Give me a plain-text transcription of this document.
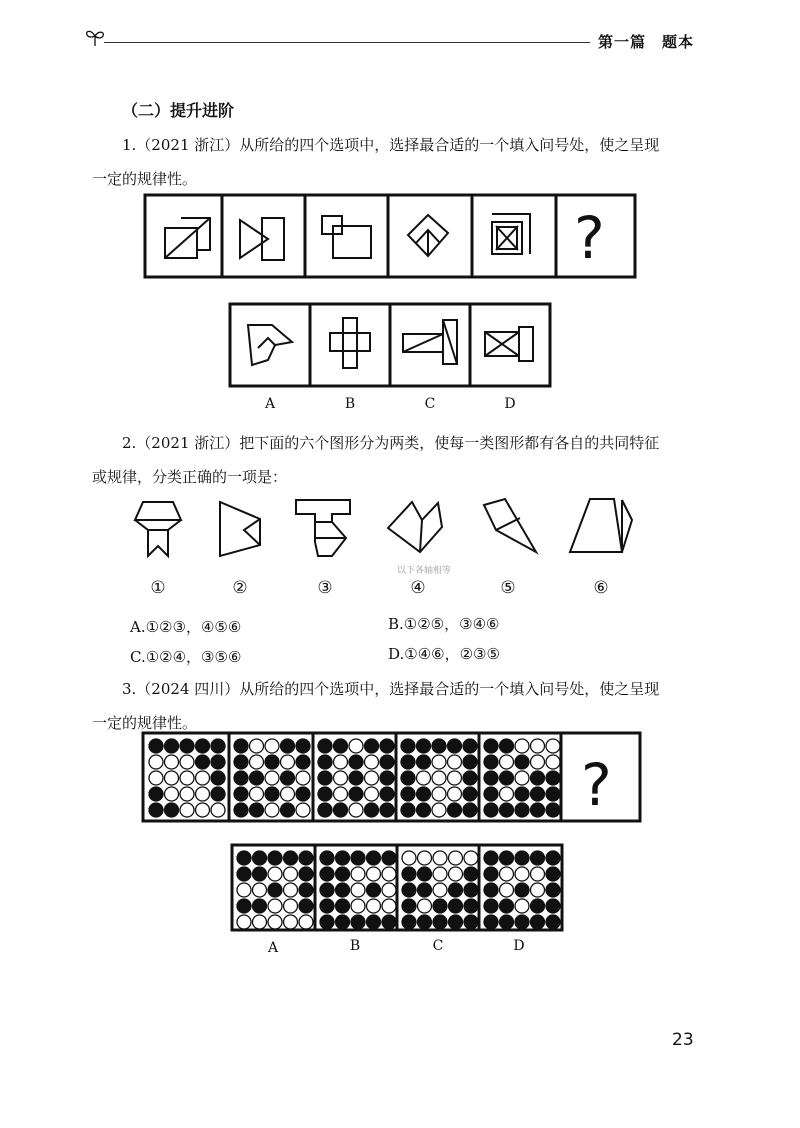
第一篇　题本
（二）提升进阶
1.（2021 浙江）从所给的四个选项中，选择最合适的一个填入问号处，使之呈现
一定的规律性。
?
A	B	C	D
2.（2021 浙江）把下面的六个图形分为两类，使每一类图形都有各自的共同特征
或规律，分类正确的一项是：
①	②	③	④	⑤	⑥
以下各轴相等
A.①②③，④⑤⑥	B.①②⑤，③④⑥
C.①②④，③⑤⑥	D.①④⑥，②③⑤
3.（2024 四川）从所给的四个选项中，选择最合适的一个填入问号处，使之呈现
一定的规律性。
?
A	B	C	D
23
